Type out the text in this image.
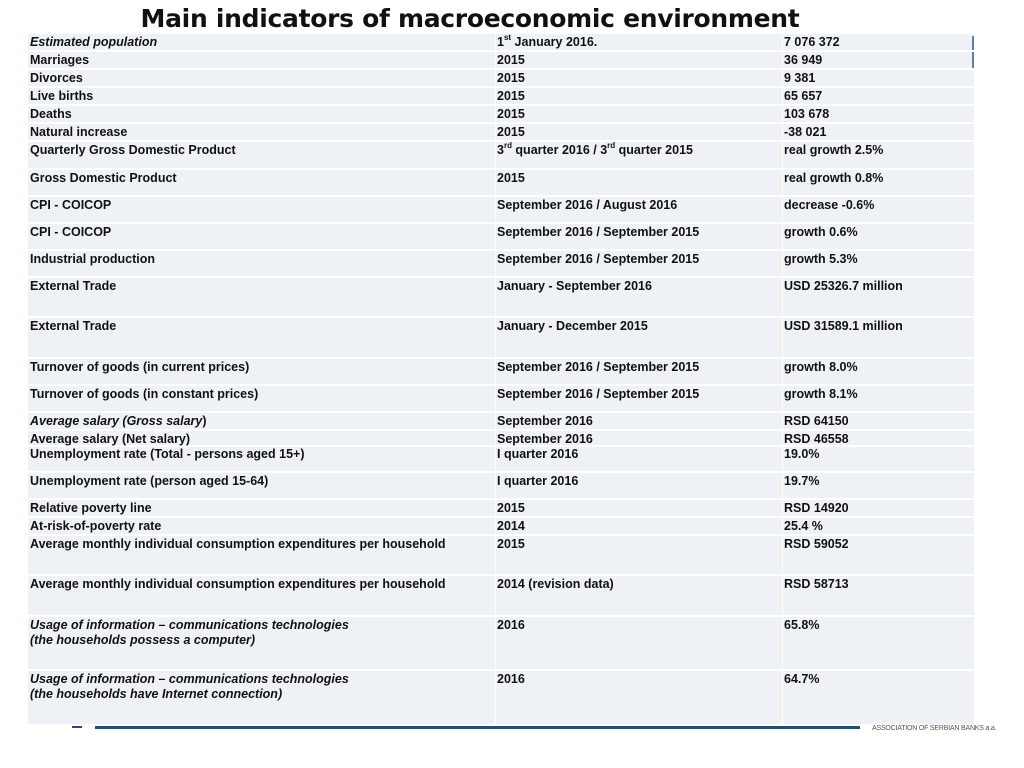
Main indicators of macroeconomic environment
Estimated population	1st January 2016.	7 076 372
Marriages	2015	36 949
Divorces	2015	9 381
Live births	2015	65 657
Deaths	2015	103 678
Natural increase	2015	-38 021
Quarterly Gross Domestic Product	3rd quarter 2016 / 3rd quarter 2015	real growth 2.5%
Gross Domestic Product	2015	real growth 0.8%
CPI - COICOP	September 2016 / August 2016	decrease -0.6%
CPI - COICOP	September 2016 / September 2015	growth 0.6%
Industrial production	September 2016 / September 2015	growth 5.3%
External Trade	January - September 2016	USD 25326.7 million
External Trade	January - December 2015	USD 31589.1 million
Turnover of goods (in current prices)	September 2016 / September 2015	growth 8.0%
Turnover of goods (in constant prices)	September 2016 / September 2015	growth 8.1%
Average salary (Gross salary)	September 2016	RSD 64150
Average salary (Net salary)	September 2016	RSD 46558
Unemployment rate (Total - persons aged 15+)	I quarter 2016	19.0%
Unemployment rate (person aged 15-64)	I quarter 2016	19.7%
Relative poverty line	2015	RSD 14920
At-risk-of-poverty rate	2014	25.4 %
Average monthly individual consumption expenditures per household	2015	RSD 59052
Average monthly individual consumption expenditures per household	2014 (revision data)	RSD 58713
Usage of information – communications technologies
(the households possess a computer)
2016	65.8%
Usage of information – communications technologies
(the households have Internet connection)
2016	64.7%
ASSOCIATION OF SERBIAN BANKS a.a.
